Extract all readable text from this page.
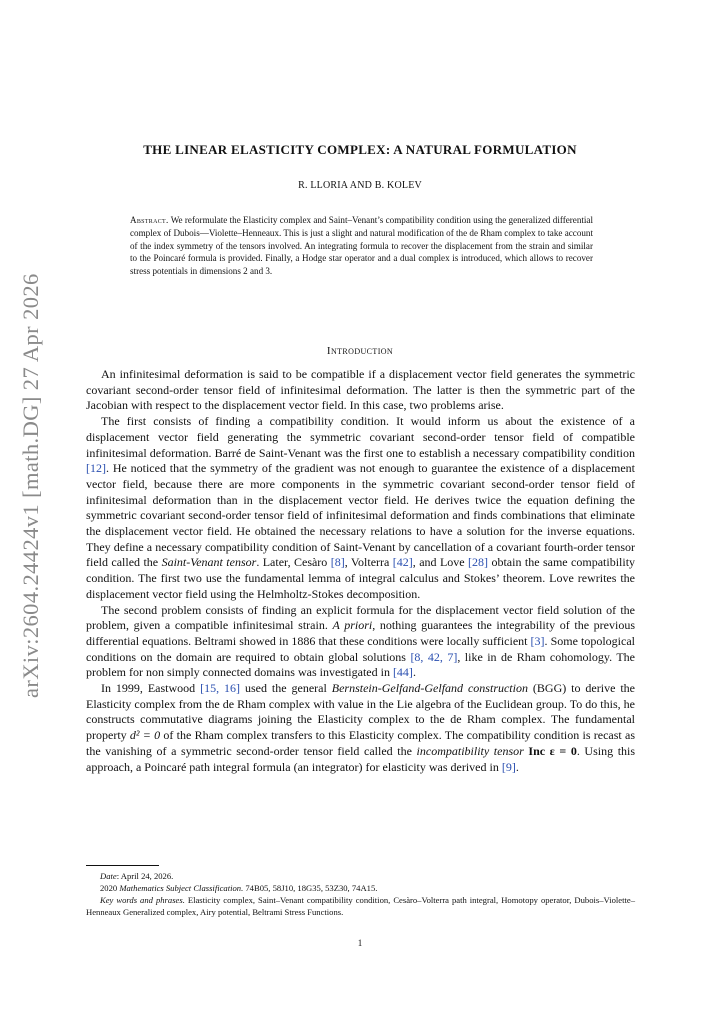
arXiv:2604.24424v1 [math.DG] 27 Apr 2026
THE LINEAR ELASTICITY COMPLEX: A NATURAL FORMULATION
R. LLORIA AND B. KOLEV
Abstract. We reformulate the Elasticity complex and Saint–Venant’s compatibility condition using the generalized differential complex of Dubois—Violette–Henneaux. This is just a slight and natural modification of the de Rham complex to take account of the index symmetry of the tensors involved. An integrating formula to recover the displacement from the strain and similar to the Poincaré formula is provided. Finally, a Hodge star operator and a dual complex is introduced, which allows to recover stress potentials in dimensions 2 and 3.
Introduction

An infinitesimal deformation is said to be compatible if a displacement vector field generates the symmetric covariant second-order tensor field of infinitesimal deformation. The latter is then the symmetric part of the Jacobian with respect to the displacement vector field. In this case, two problems arise.

The first consists of finding a compatibility condition. It would inform us about the existence of a displacement vector field generating the symmetric covariant second-order tensor field of compatible infinitesimal deformation. Barré de Saint-Venant was the first one to establish a necessary compatibility condition [12]. He noticed that the symmetry of the gradient was not enough to guarantee the existence of a displacement vector field, because there are more components in the symmetric covariant second-order tensor field of infinitesimal deformation than in the displacement vector field. He derives twice the equation defining the symmetric covariant second-order tensor field of infinitesimal deformation and finds combinations that eliminate the displacement vector field. He obtained the necessary relations to have a solution for the inverse equations. They define a necessary compatibility condition of Saint-Venant by cancellation of a covariant fourth-order tensor field called the Saint-Venant tensor. Later, Cesàro [8], Volterra [42], and Love [28] obtain the same compatibility condition. The first two use the fundamental lemma of integral calculus and Stokes’ theorem. Love rewrites the displacement vector field using the Helmholtz-Stokes decomposition.

The second problem consists of finding an explicit formula for the displacement vector field solution of the problem, given a compatible infinitesimal strain. A priori, nothing guarantees the integrability of the previous differential equations. Beltrami showed in 1886 that these conditions were locally sufficient [3]. Some topological conditions on the domain are required to obtain global solutions [8, 42, 7], like in de Rham cohomology. The problem for non simply connected domains was investigated in [44].

In 1999, Eastwood [15, 16] used the general Bernstein-Gelfand-Gelfand construction (BGG) to derive the Elasticity complex from the de Rham complex with value in the Lie algebra of the Euclidean group. To do this, he constructs commutative diagrams joining the Elasticity complex to the de Rham complex. The fundamental property d² = 0 of the Rham complex transfers to this Elasticity complex. The compatibility condition is recast as the vanishing of a symmetric second-order tensor field called the incompatibility tensor Inc ε = 0. Using this approach, a Poincaré path integral formula (an integrator) for elasticity was derived in [9].

Date: April 24, 2026.

2020 Mathematics Subject Classification. 74B05, 58J10, 18G35, 53Z30, 74A15.

Key words and phrases. Elasticity complex, Saint–Venant compatibility condition, Cesàro–Volterra path integral, Homotopy operator, Dubois–Violette–Henneaux Generalized complex, Airy potential, Beltrami Stress Functions.

1
